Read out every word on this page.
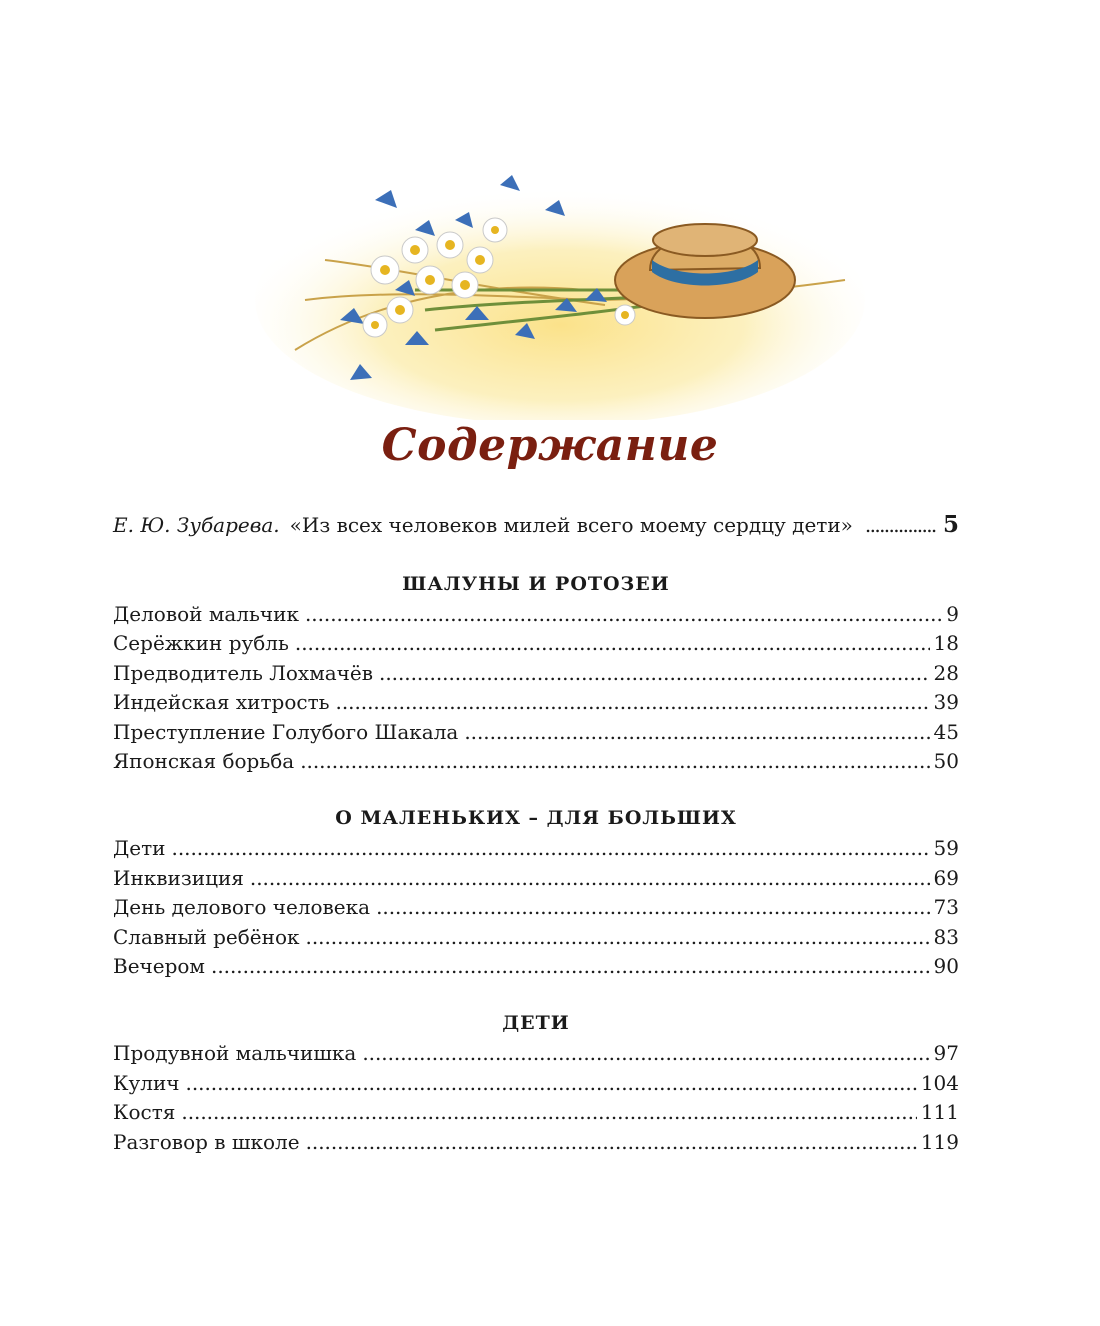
Содержание
Е. Ю. Зубарева. «Из всех человеков милей всего моему сердцу дети» . . .	5
ШАЛУНЫ И РОТОЗЕИ
Деловой мальчик . . .	9
Серёжкин рубль . . .	18
Предводитель Лохмачёв . . .	28
Индейская хитрость . . .	39
Преступление Голубого Шакала . . .	45
Японская борьба . . .	50
О МАЛЕНЬКИХ – ДЛЯ БОЛЬШИХ
Дети . . .	59
Инквизиция . . .	69
День делового человека . . .	73
Славный ребёнок . . .	83
Вечером . . .	90
ДЕТИ
Продувной мальчишка . . .	97
Кулич . . .	104
Костя . . .	111
Разговор в школе . . .	119
